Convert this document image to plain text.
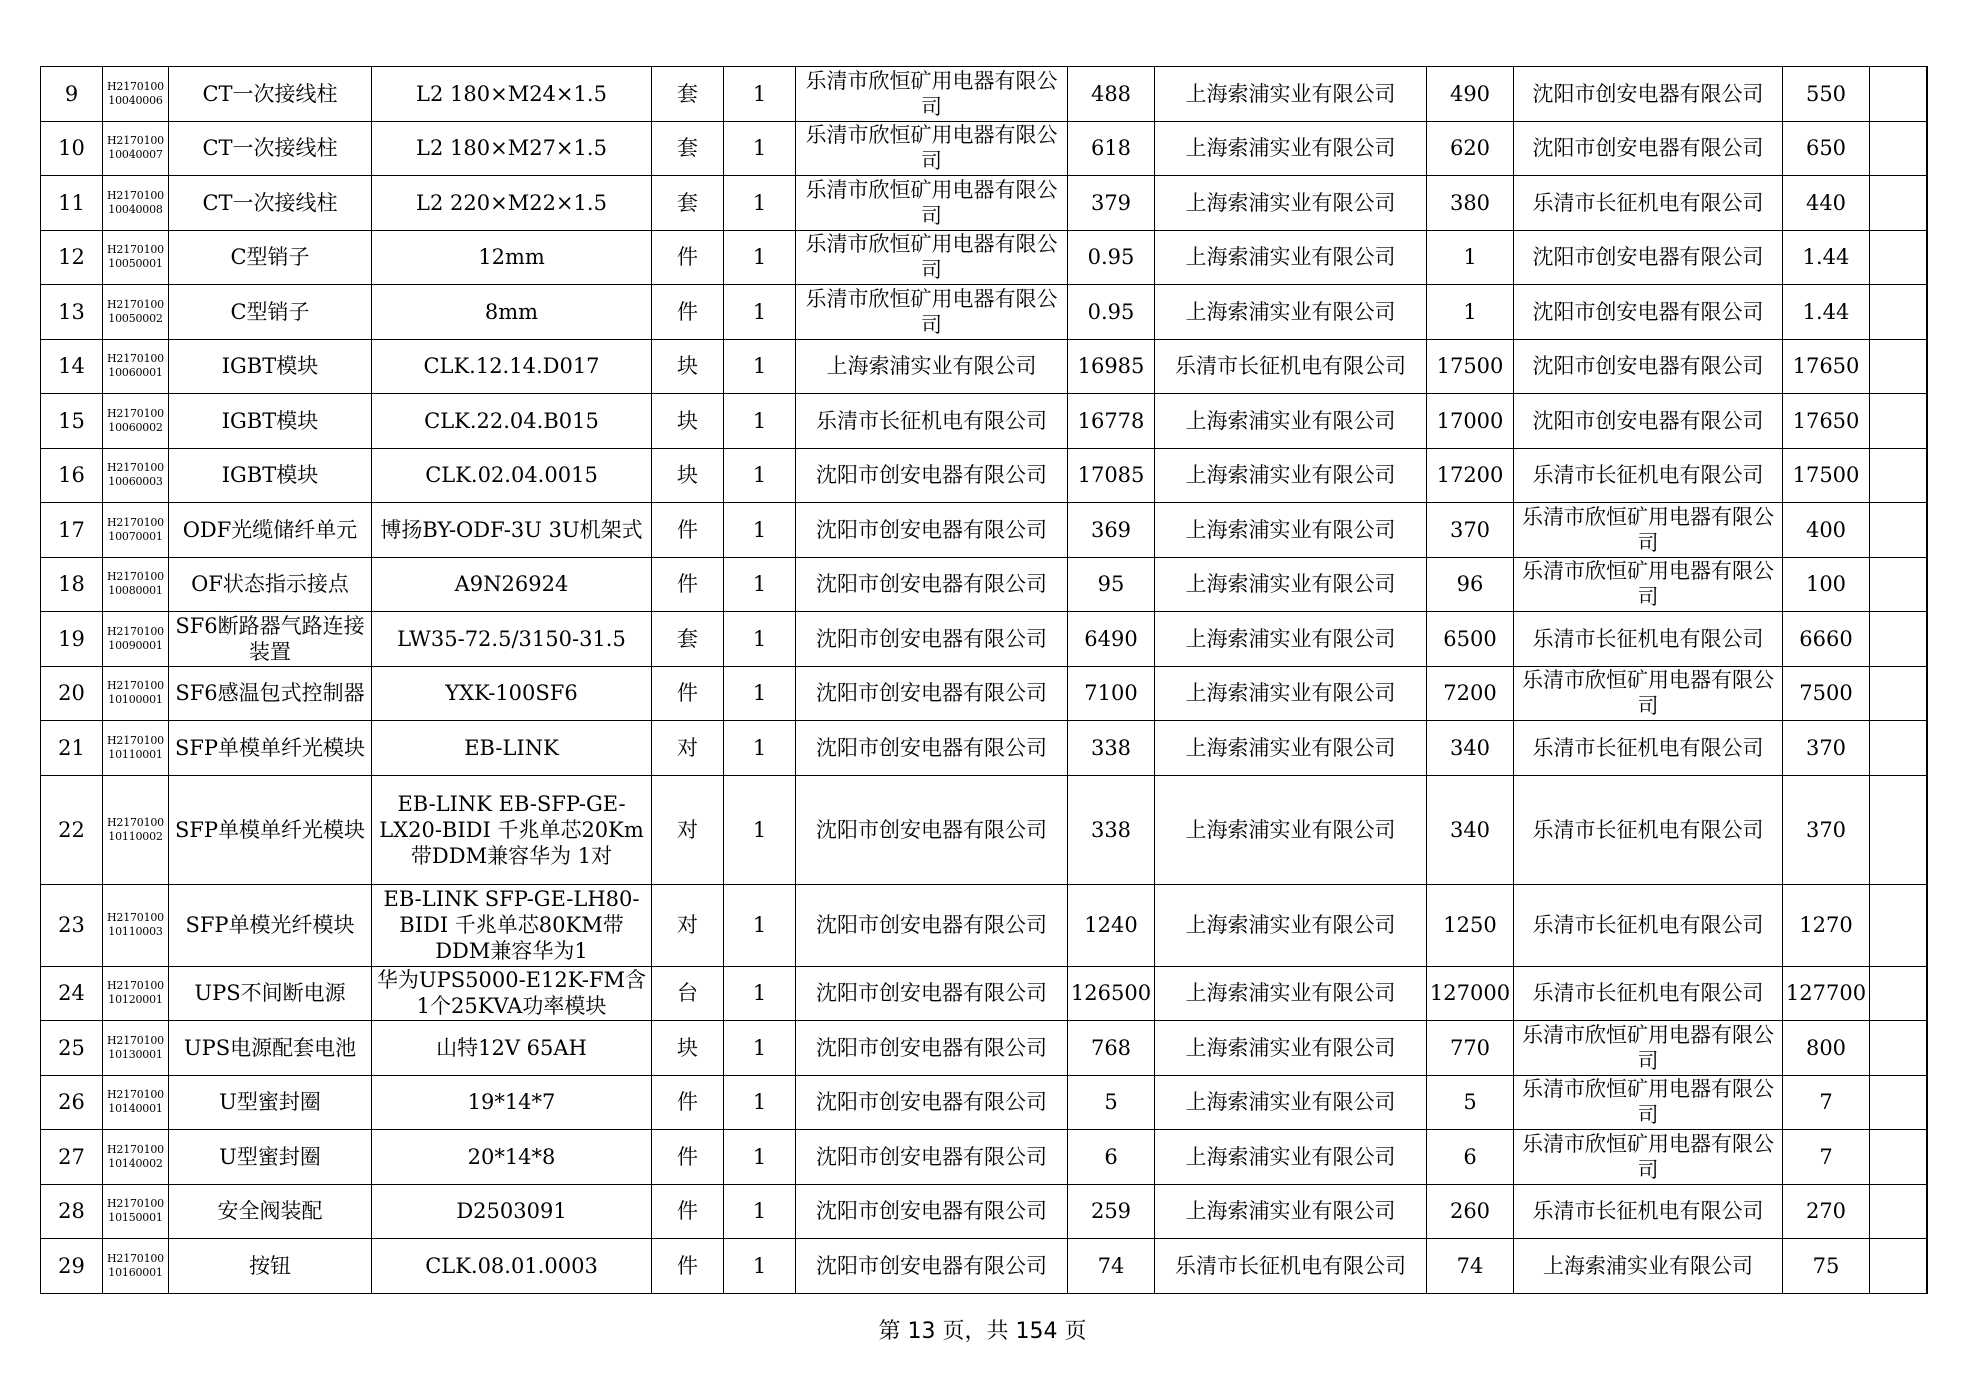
9	H2170100 10040006	CT一次接线柱	L2 180×M24×1.5	套	1	乐清市欣恒矿用电器有限公司	488	上海索浦实业有限公司	490	沈阳市创安电器有限公司	550	
10	H2170100 10040007	CT一次接线柱	L2 180×M27×1.5	套	1	乐清市欣恒矿用电器有限公司	618	上海索浦实业有限公司	620	沈阳市创安电器有限公司	650	
11	H2170100 10040008	CT一次接线柱	L2 220×M22×1.5	套	1	乐清市欣恒矿用电器有限公司	379	上海索浦实业有限公司	380	乐清市长征机电有限公司	440	
12	H2170100 10050001	C型销子	12mm	件	1	乐清市欣恒矿用电器有限公司	0.95	上海索浦实业有限公司	1	沈阳市创安电器有限公司	1.44	
13	H2170100 10050002	C型销子	8mm	件	1	乐清市欣恒矿用电器有限公司	0.95	上海索浦实业有限公司	1	沈阳市创安电器有限公司	1.44	
14	H2170100 10060001	IGBT模块	CLK.12.14.D017	块	1	上海索浦实业有限公司	16985	乐清市长征机电有限公司	17500	沈阳市创安电器有限公司	17650	
15	H2170100 10060002	IGBT模块	CLK.22.04.B015	块	1	乐清市长征机电有限公司	16778	上海索浦实业有限公司	17000	沈阳市创安电器有限公司	17650	
16	H2170100 10060003	IGBT模块	CLK.02.04.0015	块	1	沈阳市创安电器有限公司	17085	上海索浦实业有限公司	17200	乐清市长征机电有限公司	17500	
17	H2170100 10070001	ODF光缆储纤单元	博扬BY-ODF-3U 3U机架式	件	1	沈阳市创安电器有限公司	369	上海索浦实业有限公司	370	乐清市欣恒矿用电器有限公司	400	
18	H2170100 10080001	OF状态指示接点	A9N26924	件	1	沈阳市创安电器有限公司	95	上海索浦实业有限公司	96	乐清市欣恒矿用电器有限公司	100	
19	H2170100 10090001	SF6断路器气路连接装置	LW35-72.5/3150-31.5	套	1	沈阳市创安电器有限公司	6490	上海索浦实业有限公司	6500	乐清市长征机电有限公司	6660	
20	H2170100 10100001	SF6感温包式控制器	YXK-100SF6	件	1	沈阳市创安电器有限公司	7100	上海索浦实业有限公司	7200	乐清市欣恒矿用电器有限公司	7500	
21	H2170100 10110001	SFP单模单纤光模块	EB-LINK	对	1	沈阳市创安电器有限公司	338	上海索浦实业有限公司	340	乐清市长征机电有限公司	370	
22	H2170100 10110002	SFP单模单纤光模块	EB-LINK EB-SFP-GE-LX20-BIDI 千兆单芯20Km带DDM兼容华为 1对	对	1	沈阳市创安电器有限公司	338	上海索浦实业有限公司	340	乐清市长征机电有限公司	370	
23	H2170100 10110003	SFP单模光纤模块	EB-LINK SFP-GE-LH80-BIDI 千兆单芯80KM带DDM兼容华为1	对	1	沈阳市创安电器有限公司	1240	上海索浦实业有限公司	1250	乐清市长征机电有限公司	1270	
24	H2170100 10120001	UPS不间断电源	华为UPS5000-E12K-FM含1个25KVA功率模块	台	1	沈阳市创安电器有限公司	126500	上海索浦实业有限公司	127000	乐清市长征机电有限公司	127700	
25	H2170100 10130001	UPS电源配套电池	山特12V 65AH	块	1	沈阳市创安电器有限公司	768	上海索浦实业有限公司	770	乐清市欣恒矿用电器有限公司	800	
26	H2170100 10140001	U型蜜封圈	19*14*7	件	1	沈阳市创安电器有限公司	5	上海索浦实业有限公司	5	乐清市欣恒矿用电器有限公司	7	
27	H2170100 10140002	U型蜜封圈	20*14*8	件	1	沈阳市创安电器有限公司	6	上海索浦实业有限公司	6	乐清市欣恒矿用电器有限公司	7	
28	H2170100 10150001	安全阀装配	D2503091	件	1	沈阳市创安电器有限公司	259	上海索浦实业有限公司	260	乐清市长征机电有限公司	270	
29	H2170100 10160001	按钮	CLK.08.01.0003	件	1	沈阳市创安电器有限公司	74	乐清市长征机电有限公司	74	上海索浦实业有限公司	75	
第 13 页，共 154 页
